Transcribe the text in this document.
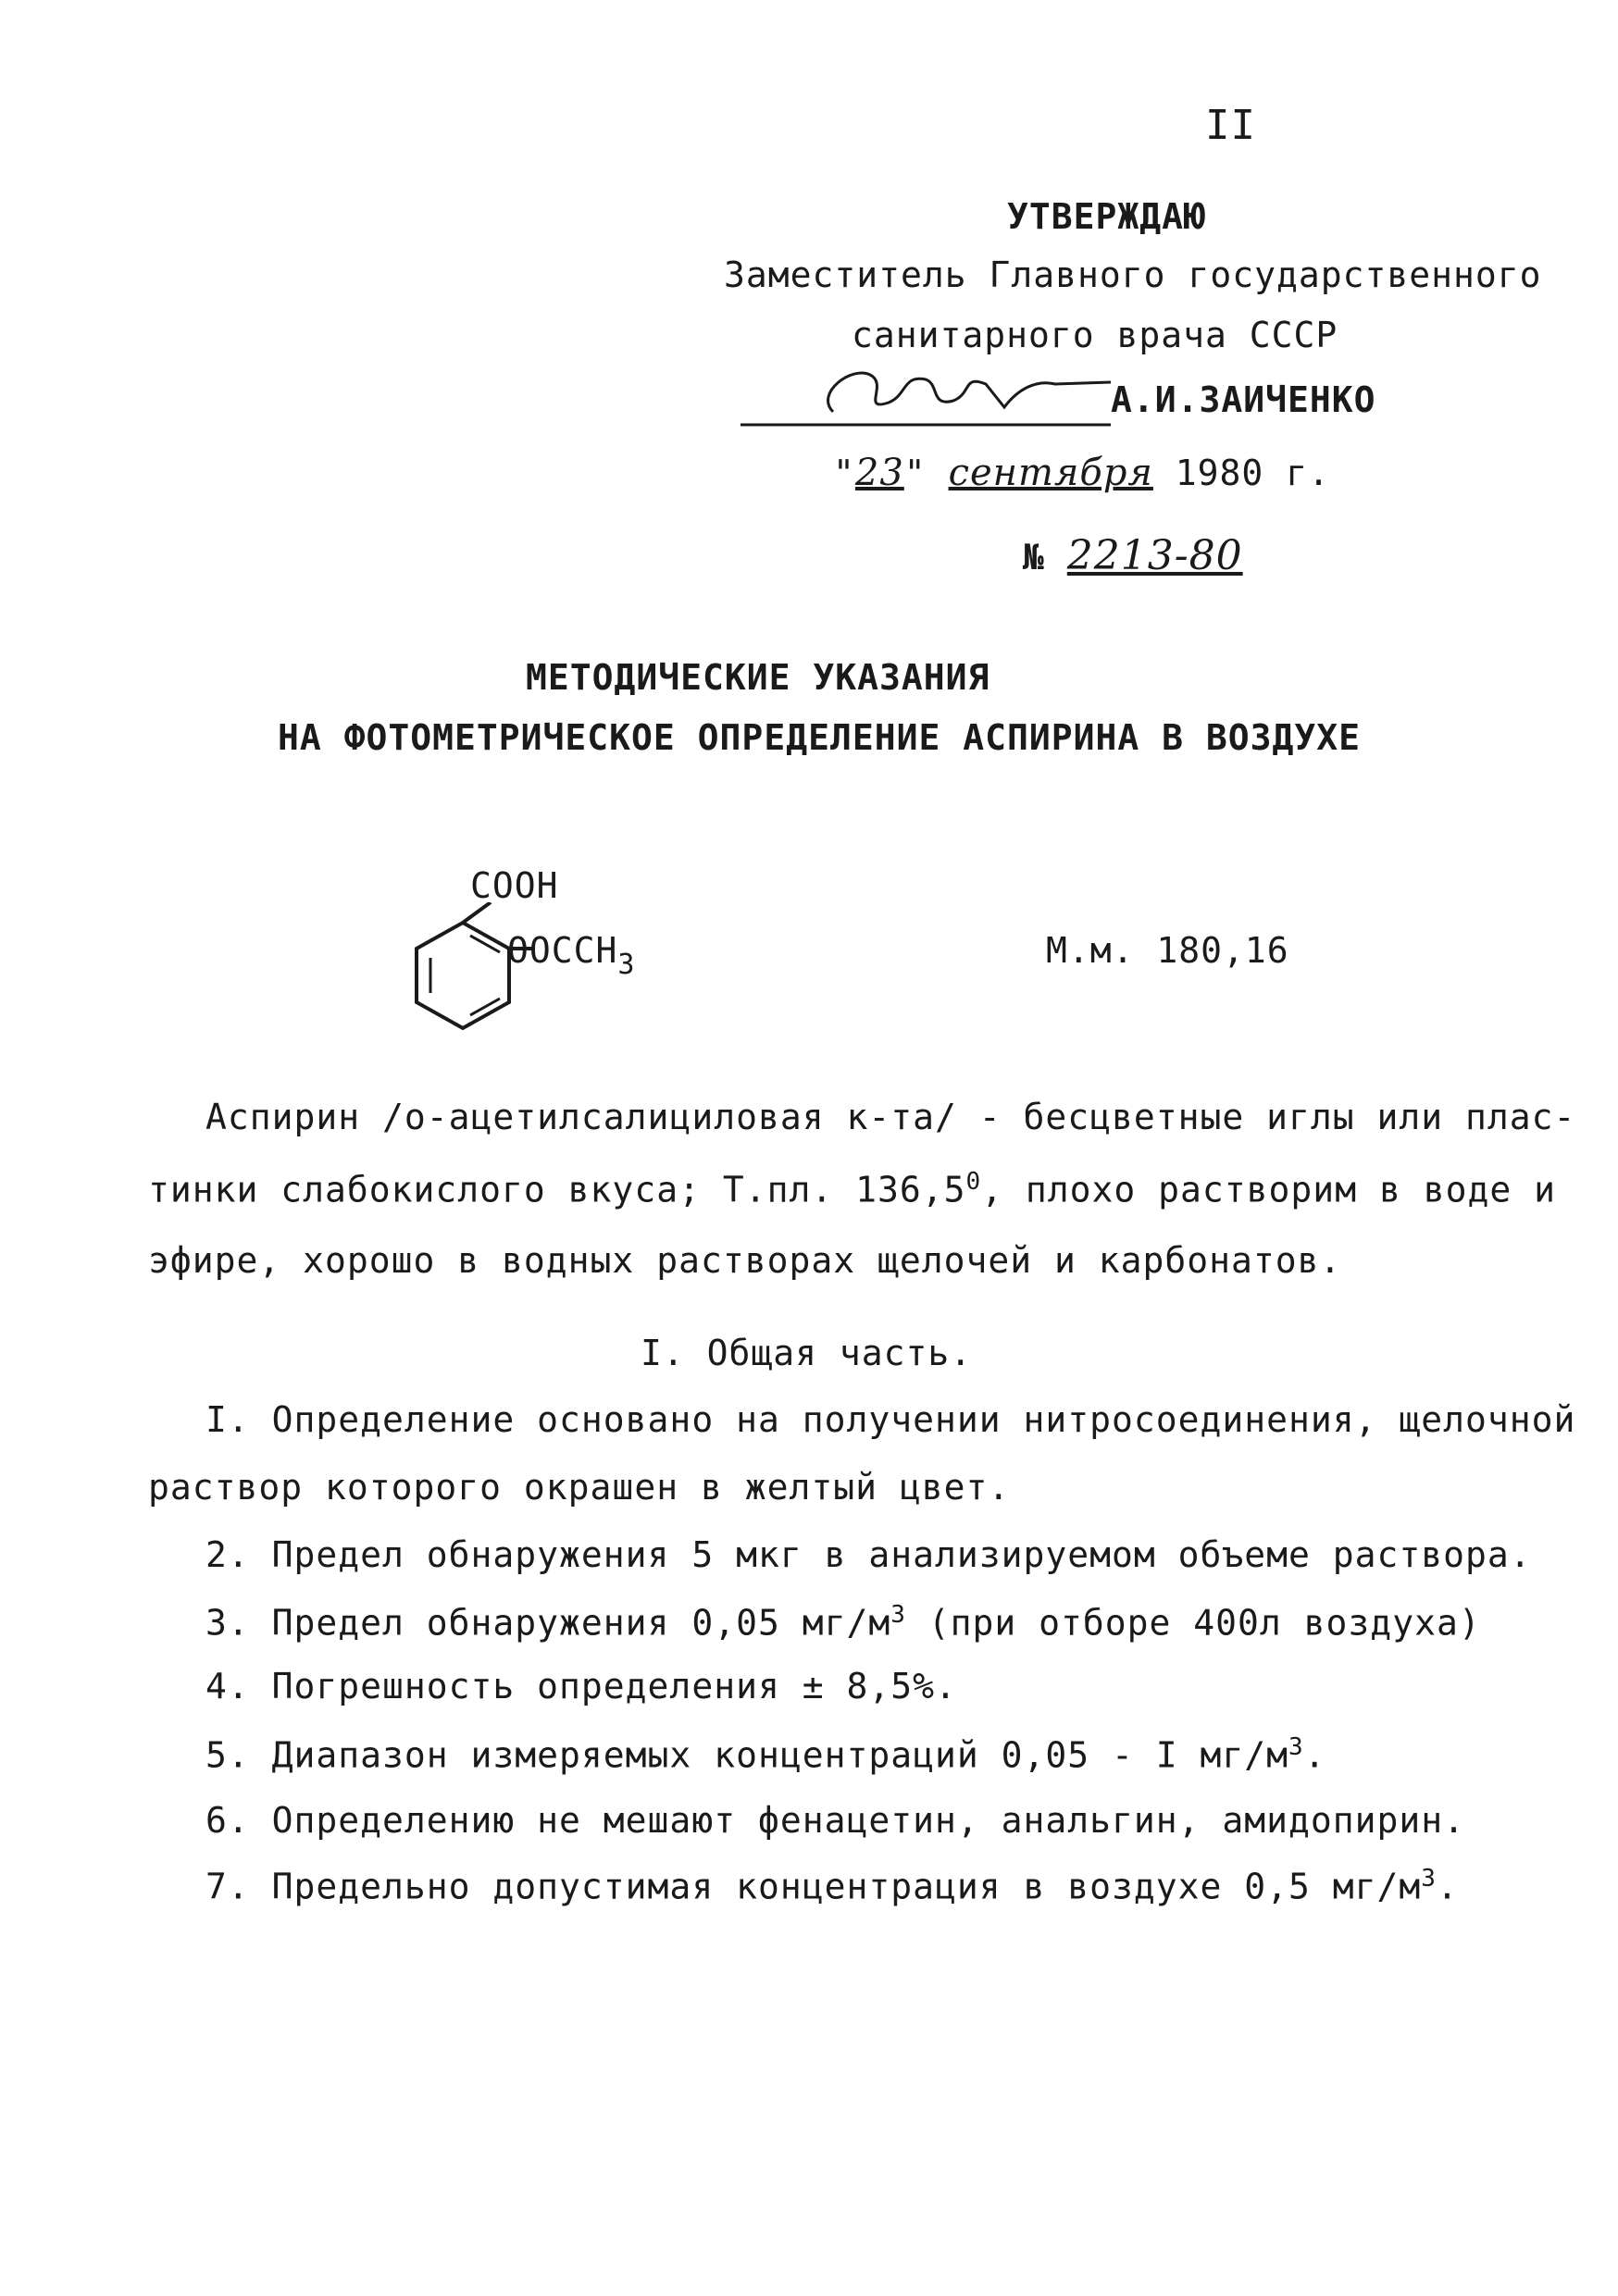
II
УТВЕРЖДАЮ
Заместитель Главного государственного
санитарного врача СССР
А.И.ЗАИЧЕНКО
"23" сентября 1980 г.
№ 2213-80
МЕТОДИЧЕСКИЕ УКАЗАНИЯ
НА ФОТОМЕТРИЧЕСКОЕ ОПРЕДЕЛЕНИЕ АСПИРИНА В ВОЗДУХЕ
COOH
$OOCCH_3$	М.м. 180,16
Аспирин /о-ацетилсалициловая к-та/ - бесцветные иглы или плас-
тинки слабокислого вкуса; Т.пл. 136,5$^0$, плохо растворим в воде и
эфире, хорошо в водных растворах щелочей и карбонатов.
I. Общая часть.
I. Определение основано на получении нитросоединения, щелочной
раствор которого окрашен в желтый цвет.
2. Предел обнаружения 5 мкг в анализируемом объеме раствора.
3. Предел обнаружения 0,05 $мг/м^3$ (при отборе 400л воздуха)
4. Погрешность определения ± 8,5%.
5. Диапазон измеряемых концентраций 0,05 - I $мг/м^3$.
6. Определению не мешают фенацетин, анальгин, амидопирин.
7. Предельно допустимая концентрация в воздухе 0,5 $мг/м^3$.
